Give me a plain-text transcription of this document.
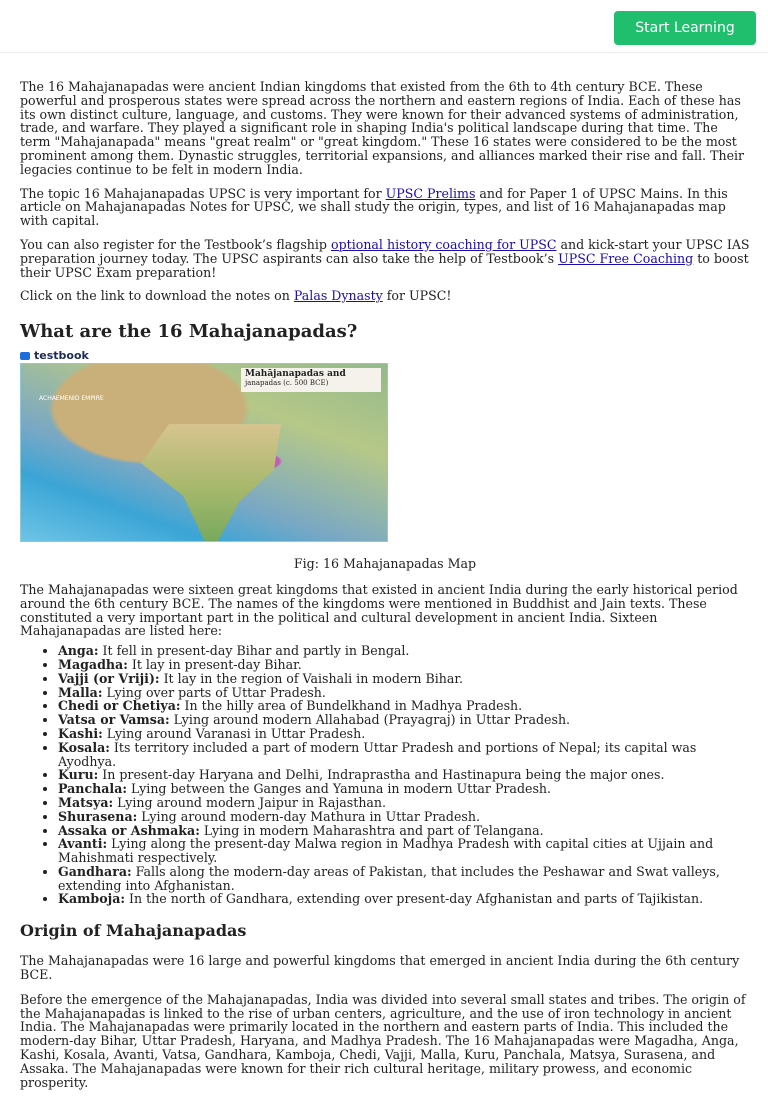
Start Learning

The 16 Mahajanapadas were ancient Indian kingdoms that existed from the 6th to 4th century BCE. These powerful and prosperous states were spread across the northern and eastern regions of India. Each of these has its own distinct culture, language, and customs. They were known for their advanced systems of administration, trade, and warfare. They played a significant role in shaping India's political landscape during that time. The term "Mahajanapada" means "great realm" or "great kingdom." These 16 states were considered to be the most prominent among them. Dynastic struggles, territorial expansions, and alliances marked their rise and fall. Their legacies continue to be felt in modern India.

The topic 16 Mahajanapadas UPSC is very important for UPSC Prelims and for Paper 1 of UPSC Mains. In this article on Mahajanapadas Notes for UPSC, we shall study the origin, types, and list of 16 Mahajanapadas map with capital.

You can also register for the Testbook’s flagship optional history coaching for UPSC and kick-start your UPSC IAS preparation journey today. The UPSC aspirants can also take the help of Testbook’s UPSC Free Coaching to boost their UPSC Exam preparation!

Click on the link to download the notes on Palas Dynasty for UPSC!

What are the 16 Mahajanapadas?
testbook
ACHAEMENID EMPIRE
Mahājanapadas and
janapadas (c. 500 BCE)
Fig: 16 Mahajanapadas Map

The Mahajanapadas were sixteen great kingdoms that existed in ancient India during the early historical period around the 6th century BCE. The names of the kingdoms were mentioned in Buddhist and Jain texts. These constituted a very important part in the political and cultural development in ancient India. Sixteen Mahajanapadas are listed here:

• Anga: It fell in present-day Bihar and partly in Bengal.
• Magadha: It lay in present-day Bihar.
• Vajji (or Vriji): It lay in the region of Vaishali in modern Bihar.
• Malla: Lying over parts of Uttar Pradesh.
• Chedi or Chetiya: In the hilly area of Bundelkhand in Madhya Pradesh.
• Vatsa or Vamsa: Lying around modern Allahabad (Prayagraj) in Uttar Pradesh.
• Kashi: Lying around Varanasi in Uttar Pradesh.
• Kosala: Its territory included a part of modern Uttar Pradesh and portions of Nepal; its capital was Ayodhya.
• Kuru: In present-day Haryana and Delhi, Indraprastha and Hastinapura being the major ones.
• Panchala: Lying between the Ganges and Yamuna in modern Uttar Pradesh.
• Matsya: Lying around modern Jaipur in Rajasthan.
• Shurasena: Lying around modern-day Mathura in Uttar Pradesh.
• Assaka or Ashmaka: Lying in modern Maharashtra and part of Telangana.
• Avanti: Lying along the present-day Malwa region in Madhya Pradesh with capital cities at Ujjain and Mahishmati respectively.
• Gandhara: Falls along the modern-day areas of Pakistan, that includes the Peshawar and Swat valleys, extending into Afghanistan.
• Kamboja: In the north of Gandhara, extending over present-day Afghanistan and parts of Tajikistan.
Origin of Mahajanapadas

The Mahajanapadas were 16 large and powerful kingdoms that emerged in ancient India during the 6th century BCE.

Before the emergence of the Mahajanapadas, India was divided into several small states and tribes. The origin of the Mahajanapadas is linked to the rise of urban centers, agriculture, and the use of iron technology in ancient India. The Mahajanapadas were primarily located in the northern and eastern parts of India. This included the modern-day Bihar, Uttar Pradesh, Haryana, and Madhya Pradesh. The 16 Mahajanapadas were Magadha, Anga, Kashi, Kosala, Avanti, Vatsa, Gandhara, Kamboja, Chedi, Vajji, Malla, Kuru, Panchala, Matsya, Surasena, and Assaka. The Mahajanapadas were known for their rich cultural heritage, military prowess, and economic prosperity.
